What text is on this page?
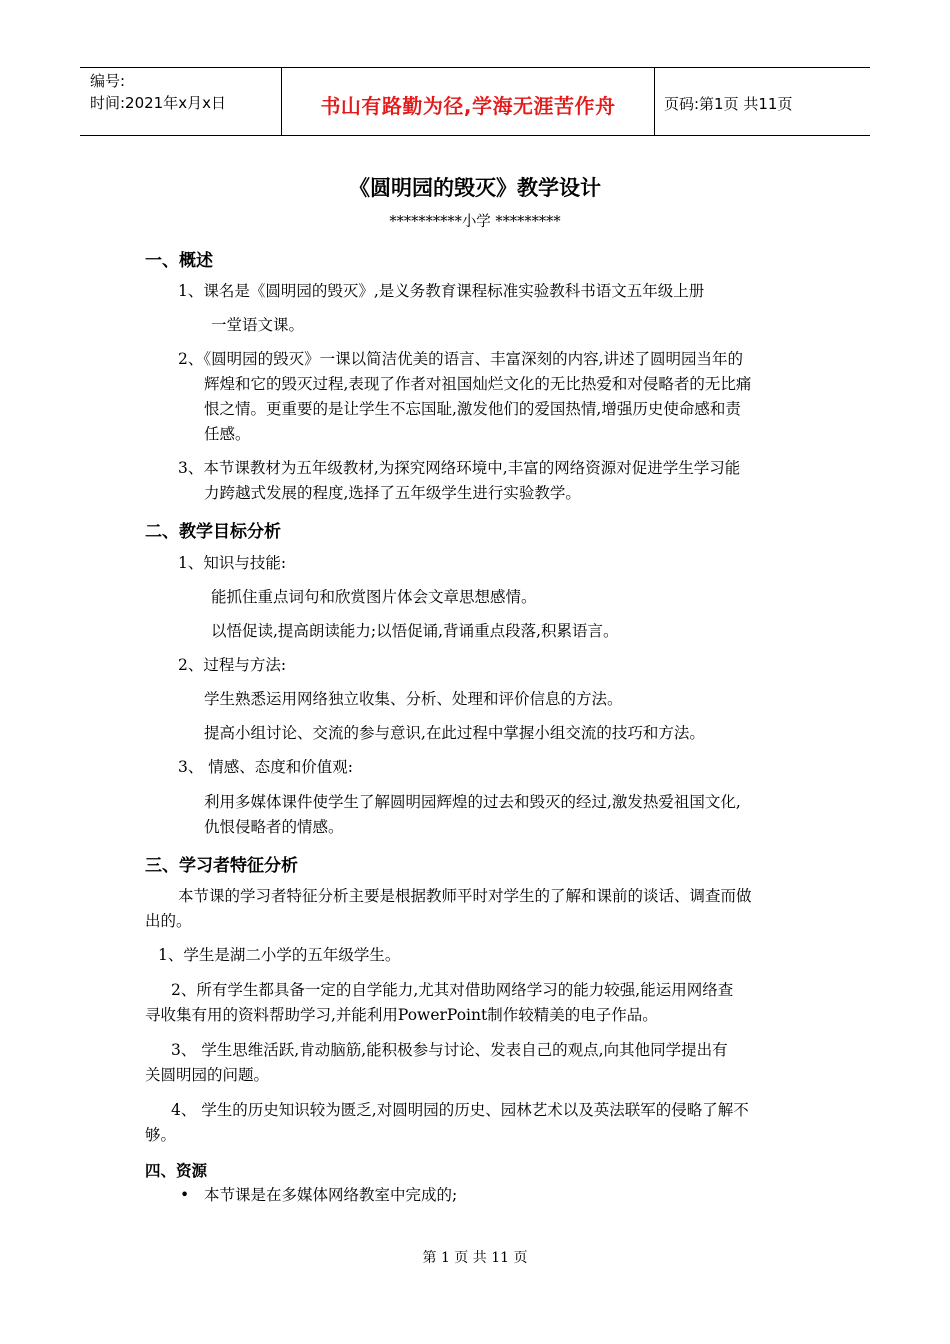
编号:
时间:2021年x月x日	书山有路勤为径,学海无涯苦作舟	页码:第1页 共11页
《圆明园的毁灭》教学设计
**********小学 *********
一、概述
1、课名是《圆明园的毁灭》,是义务教育课程标准实验教科书语文五年级上册
一堂语文课。
2、《圆明园的毁灭》一课以简洁优美的语言、丰富深刻的内容,讲述了圆明园当年的
辉煌和它的毁灭过程,表现了作者对祖国灿烂文化的无比热爱和对侵略者的无比痛
恨之情。更重要的是让学生不忘国耻,激发他们的爱国热情,增强历史使命感和责
任感。
3、本节课教材为五年级教材,为探究网络环境中,丰富的网络资源对促进学生学习能
力跨越式发展的程度,选择了五年级学生进行实验教学。
二、教学目标分析
1、知识与技能:
能抓住重点词句和欣赏图片体会文章思想感情。
以悟促读,提高朗读能力;以悟促诵,背诵重点段落,积累语言。
2、过程与方法:
学生熟悉运用网络独立收集、分析、处理和评价信息的方法。
提高小组讨论、交流的参与意识,在此过程中掌握小组交流的技巧和方法。
3、 情感、态度和价值观:
利用多媒体课件使学生了解圆明园辉煌的过去和毁灭的经过,激发热爱祖国文化,
仇恨侵略者的情感。
三、学习者特征分析
本节课的学习者特征分析主要是根据教师平时对学生的了解和课前的谈话、调查而做
出的。
1、学生是湖二小学的五年级学生。
2、所有学生都具备一定的自学能力,尤其对借助网络学习的能力较强,能运用网络查
寻收集有用的资料帮助学习,并能利用PowerPoint制作较精美的电子作品。
3、 学生思维活跃,肯动脑筋,能积极参与讨论、发表自己的观点,向其他同学提出有
关圆明园的问题。
4、 学生的历史知识较为匮乏,对圆明园的历史、园林艺术以及英法联军的侵略了解不
够。
四、资源
• 本节课是在多媒体网络教室中完成的;
第 1 页 共 11 页
